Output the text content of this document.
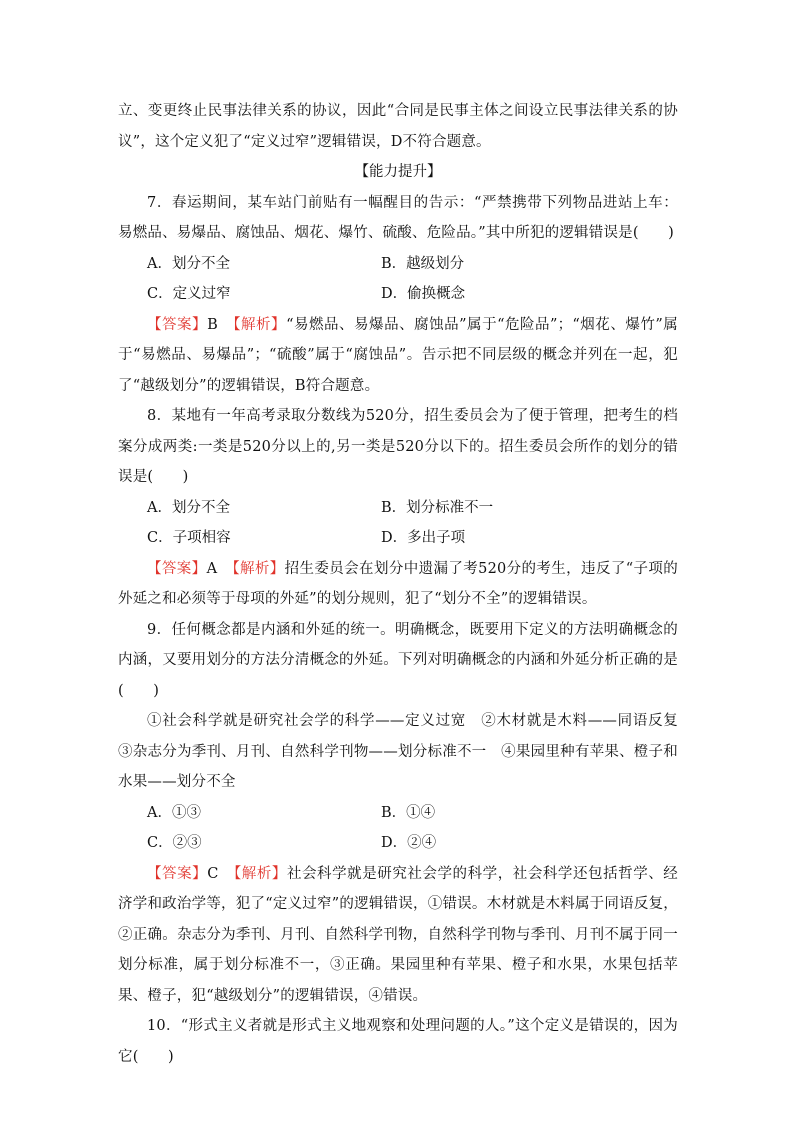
立、变更终止民事法律关系的协议，因此“合同是民事主体之间设立民事法律关系的协议”，这个定义犯了“定义过窄”逻辑错误，D不符合题意。

【能力提升】

7．春运期间，某车站门前贴有一幅醒目的告示：“严禁携带下列物品进站上车：易燃品、易爆品、腐蚀品、烟花、爆竹、硫酸、危险品。”其中所犯的逻辑错误是(　　)

A．划分不全	B．越级划分
C．定义过窄	D．偷换概念

【答案】B　 【解析】“易燃品、易爆品、腐蚀品”属于“危险品”；“烟花、爆竹”属于“易燃品、易爆品”；“硫酸”属于“腐蚀品”。告示把不同层级的概念并列在一起，犯了“越级划分”的逻辑错误，B符合题意。

8．某地有一年高考录取分数线为520分，招生委员会为了便于管理，把考生的档案分成两类:一类是520分以上的,另一类是520分以下的。招生委员会所作的划分的错误是(　　)

A．划分不全	B．划分标准不一
C．子项相容	D．多出子项

【答案】A　 【解析】招生委员会在划分中遗漏了考520分的考生，违反了“子项的外延之和必须等于母项的外延”的划分规则，犯了“划分不全”的逻辑错误。

9．任何概念都是内涵和外延的统一。明确概念，既要用下定义的方法明确概念的内涵，又要用划分的方法分清概念的外延。下列对明确概念的内涵和外延分析正确的是(　　)

①社会科学就是研究社会学的科学——定义过宽　②木材就是木料——同语反复　③杂志分为季刊、月刊、自然科学刊物——划分标准不一　④果园里种有苹果、橙子和水果——划分不全

A．①③	B．①④
C．②③	D．②④

【答案】C　 【解析】社会科学就是研究社会学的科学，社会科学还包括哲学、经济学和政治学等，犯了“定义过窄”的逻辑错误，①错误。木材就是木料属于同语反复，②正确。杂志分为季刊、月刊、自然科学刊物，自然科学刊物与季刊、月刊不属于同一划分标准，属于划分标准不一，③正确。果园里种有苹果、橙子和水果，水果包括苹果、橙子，犯“越级划分”的逻辑错误，④错误。

10．“形式主义者就是形式主义地观察和处理问题的人。”这个定义是错误的，因为它(　　)
